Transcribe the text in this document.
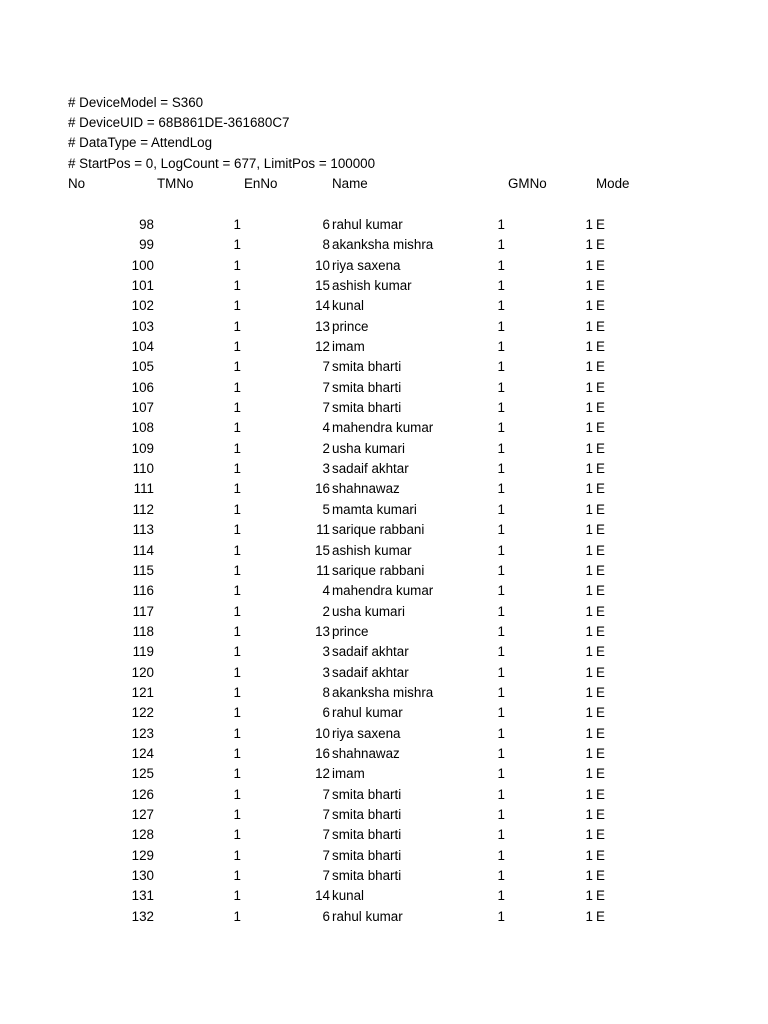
# DeviceModel = S360
# DeviceUID = 68B861DE-361680C7
# DataType = AttendLog
# StartPos = 0, LogCount = 677, LimitPos = 100000
No	TMNo	EnNo	Name	GMNo	Mode
98	1	6 rahul kumar	1	1 E
99	1	8 akanksha mishra	1	1 E
100	1	10 riya saxena	1	1 E
101	1	15 ashish kumar	1	1 E
102	1	14 kunal	1	1 E
103	1	13 prince	1	1 E
104	1	12 imam	1	1 E
105	1	7 smita bharti	1	1 E
106	1	7 smita bharti	1	1 E
107	1	7 smita bharti	1	1 E
108	1	4 mahendra kumar	1	1 E
109	1	2 usha kumari	1	1 E
110	1	3 sadaif akhtar	1	1 E
111	1	16 shahnawaz	1	1 E
112	1	5 mamta kumari	1	1 E
113	1	11 sarique rabbani	1	1 E
114	1	15 ashish kumar	1	1 E
115	1	11 sarique rabbani	1	1 E
116	1	4 mahendra kumar	1	1 E
117	1	2 usha kumari	1	1 E
118	1	13 prince	1	1 E
119	1	3 sadaif akhtar	1	1 E
120	1	3 sadaif akhtar	1	1 E
121	1	8 akanksha mishra	1	1 E
122	1	6 rahul kumar	1	1 E
123	1	10 riya saxena	1	1 E
124	1	16 shahnawaz	1	1 E
125	1	12 imam	1	1 E
126	1	7 smita bharti	1	1 E
127	1	7 smita bharti	1	1 E
128	1	7 smita bharti	1	1 E
129	1	7 smita bharti	1	1 E
130	1	7 smita bharti	1	1 E
131	1	14 kunal	1	1 E
132	1	6 rahul kumar	1	1 E
